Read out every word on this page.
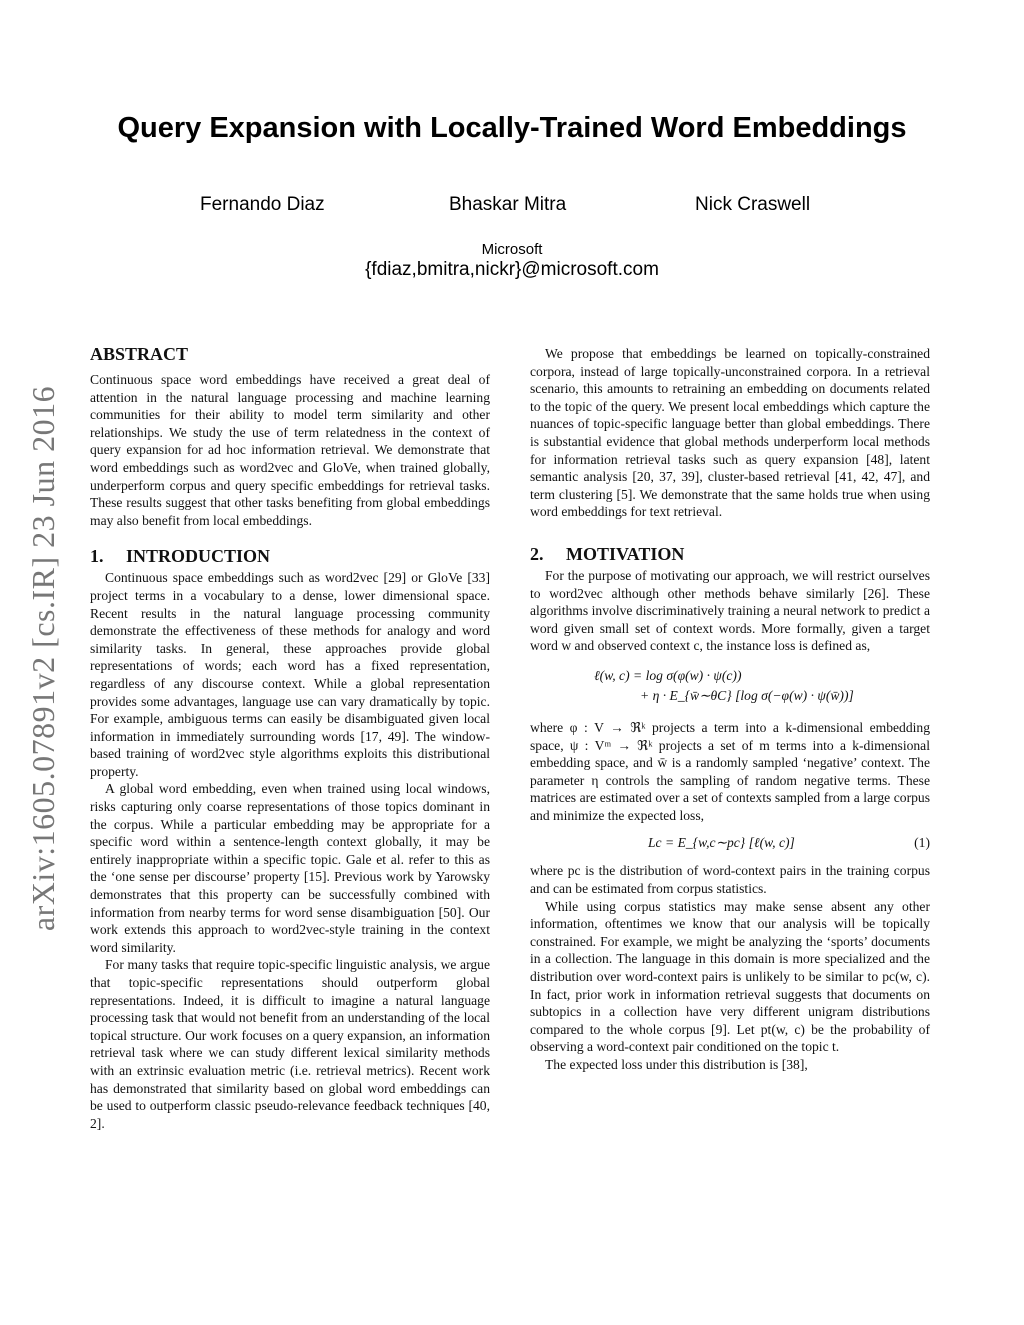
arXiv:1605.07891v2 [cs.IR] 23 Jun 2016
Query Expansion with Locally-Trained Word Embeddings
Fernando Diaz	Bhaskar Mitra	Nick Craswell
Microsoft
{fdiaz,bmitra,nickr}@microsoft.com
ABSTRACT

Continuous space word embeddings have received a great deal of attention in the natural language processing and machine learning communities for their ability to model term similarity and other relationships. We study the use of term relatedness in the context of query expansion for ad hoc information retrieval. We demonstrate that word embeddings such as word2vec and GloVe, when trained globally, underperform corpus and query specific embeddings for retrieval tasks. These results suggest that other tasks benefiting from global embeddings may also benefit from local embeddings.

1. INTRODUCTION

Continuous space embeddings such as word2vec [29] or GloVe [33] project terms in a vocabulary to a dense, lower dimensional space. Recent results in the natural language processing community demonstrate the effectiveness of these methods for analogy and word similarity tasks. In general, these approaches provide global representations of words; each word has a fixed representation, regardless of any discourse context. While a global representation provides some advantages, language use can vary dramatically by topic. For example, ambiguous terms can easily be disambiguated given local information in immediately surrounding words [17, 49]. The window-based training of word2vec style algorithms exploits this distributional property.

A global word embedding, even when trained using local windows, risks capturing only coarse representations of those topics dominant in the corpus. While a particular embedding may be appropriate for a specific word within a sentence-length context globally, it may be entirely inappropriate within a specific topic. Gale et al. refer to this as the ‘one sense per discourse’ property [15]. Previous work by Yarowsky demonstrates that this property can be successfully combined with information from nearby terms for word sense disambiguation [50]. Our work extends this approach to word2vec-style training in the context word similarity.

For many tasks that require topic-specific linguistic analysis, we argue that topic-specific representations should outperform global representations. Indeed, it is difficult to imagine a natural language processing task that would not benefit from an understanding of the local topical structure. Our work focuses on a query expansion, an information retrieval task where we can study different lexical similarity methods with an extrinsic evaluation metric (i.e. retrieval metrics). Recent work has demonstrated that similarity based on global word embeddings can be used to outperform classic pseudo-relevance feedback techniques [40, 2].

We propose that embeddings be learned on topically-constrained corpora, instead of large topically-unconstrained corpora. In a retrieval scenario, this amounts to retraining an embedding on documents related to the topic of the query. We present local embeddings which capture the nuances of topic-specific language better than global embeddings. There is substantial evidence that global methods underperform local methods for information retrieval tasks such as query expansion [48], latent semantic analysis [20, 37, 39], cluster-based retrieval [41, 42, 47], and term clustering [5]. We demonstrate that the same holds true when using word embeddings for text retrieval.

2. MOTIVATION

For the purpose of motivating our approach, we will restrict ourselves to word2vec although other methods behave similarly [26]. These algorithms involve discriminatively training a neural network to predict a word given small set of context words. More formally, given a target word w and observed context c, the instance loss is defined as,

ℓ(w, c) = log σ(φ(w) · ψ(c))
+ η · E_{w̄∼θC} [log σ(−φ(w) · ψ(w̄))]

where φ : V → ℜᵏ projects a term into a k-dimensional embedding space, ψ : Vᵐ → ℜᵏ projects a set of m terms into a k-dimensional embedding space, and w̄ is a randomly sampled ‘negative’ context. The parameter η controls the sampling of random negative terms. These matrices are estimated over a set of contexts sampled from a large corpus and minimize the expected loss,

Lc = E_{w,c∼pc} [ℓ(w, c)]	(1)

where pc is the distribution of word-context pairs in the training corpus and can be estimated from corpus statistics.

While using corpus statistics may make sense absent any other information, oftentimes we know that our analysis will be topically constrained. For example, we might be analyzing the ‘sports’ documents in a collection. The language in this domain is more specialized and the distribution over word-context pairs is unlikely to be similar to pc(w, c). In fact, prior work in information retrieval suggests that documents on subtopics in a collection have very different unigram distributions compared to the whole corpus [9]. Let pt(w, c) be the probability of observing a word-context pair conditioned on the topic t.

The expected loss under this distribution is [38],
